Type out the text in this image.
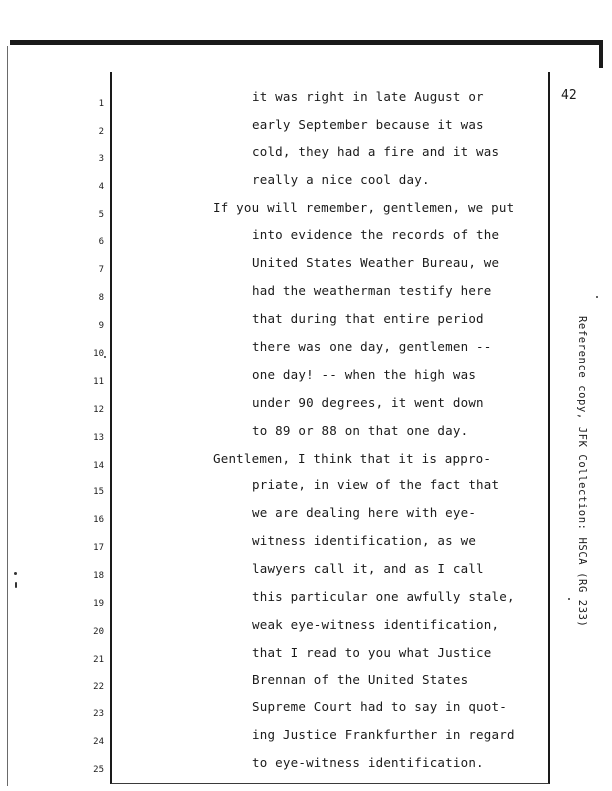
42
Reference copy, JFK Collection: HSCA (RG 233)
1	it was right in late August or
2	early September because it was
3	cold, they had a fire and it was
4	really a nice cool day.
5	If you will remember, gentlemen, we put
6	into evidence the records of the
7	United States Weather Bureau, we
8	had the weatherman testify here
9	that during that entire period
10	there was one day, gentlemen --
11	one day! -- when the high was
12	under 90 degrees, it went down
13	to 89 or 88 on that one day.
14	Gentlemen, I think that it is appro-
15	priate, in view of the fact that
16	we are dealing here with eye-
17	witness identification, as we
18	lawyers call it, and as I call
19	this particular one awfully stale,
20	weak eye-witness identification,
21	that I read to you what Justice
22	Brennan of the United States
23	Supreme Court had to say in quot-
24	ing Justice Frankfurther in regard
25	to eye-witness identification.
